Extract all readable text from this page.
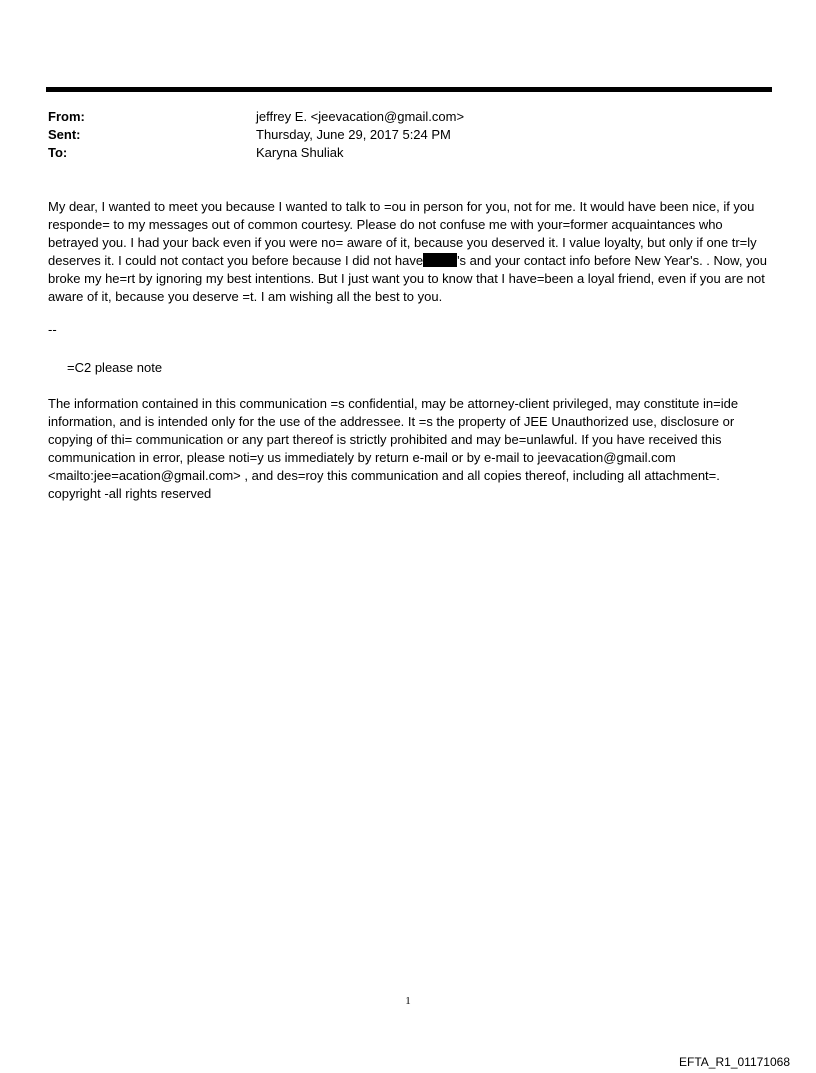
From:	jeffrey E. <jeevacation@gmail.com>
Sent:	Thursday, June 29, 2017 5:24 PM
To:	Karyna Shuliak

My dear, I wanted to meet you because I wanted to talk to =ou in person for you, not for me. It would have been nice, if you responde= to my messages out of common courtesy. Please do not confuse me with your=former acquaintances who betrayed you. I had your back even if you were no= aware of it, because you deserved it. I value loyalty, but only if one tr=ly deserves it. I could not contact you before because I did not have	's and your contact info before New Year's. . Now, you broke my he=rt by ignoring my best intentions. But I just want you to know that I have=been a loyal friend, even if you are not aware of it, because you deserve =t. I am wishing all the best to you.

--
=C2 please note
The information contained in this communication =s confidential, may be attorney-client privileged, may constitute in=ide information, and is intended only for the use of the addressee. It =s the property of JEE Unauthorized use, disclosure or copying of thi= communication or any part thereof is strictly prohibited and may be=unlawful. If you have received this communication in error, please noti=y us immediately by return e-mail or by e-mail to jeevacation@gmail.com <mailto:jee=acation@gmail.com> , and des=roy this communication and all copies thereof, including all attachment=. copyright -all rights reserved
1
EFTA_R1_01171068
